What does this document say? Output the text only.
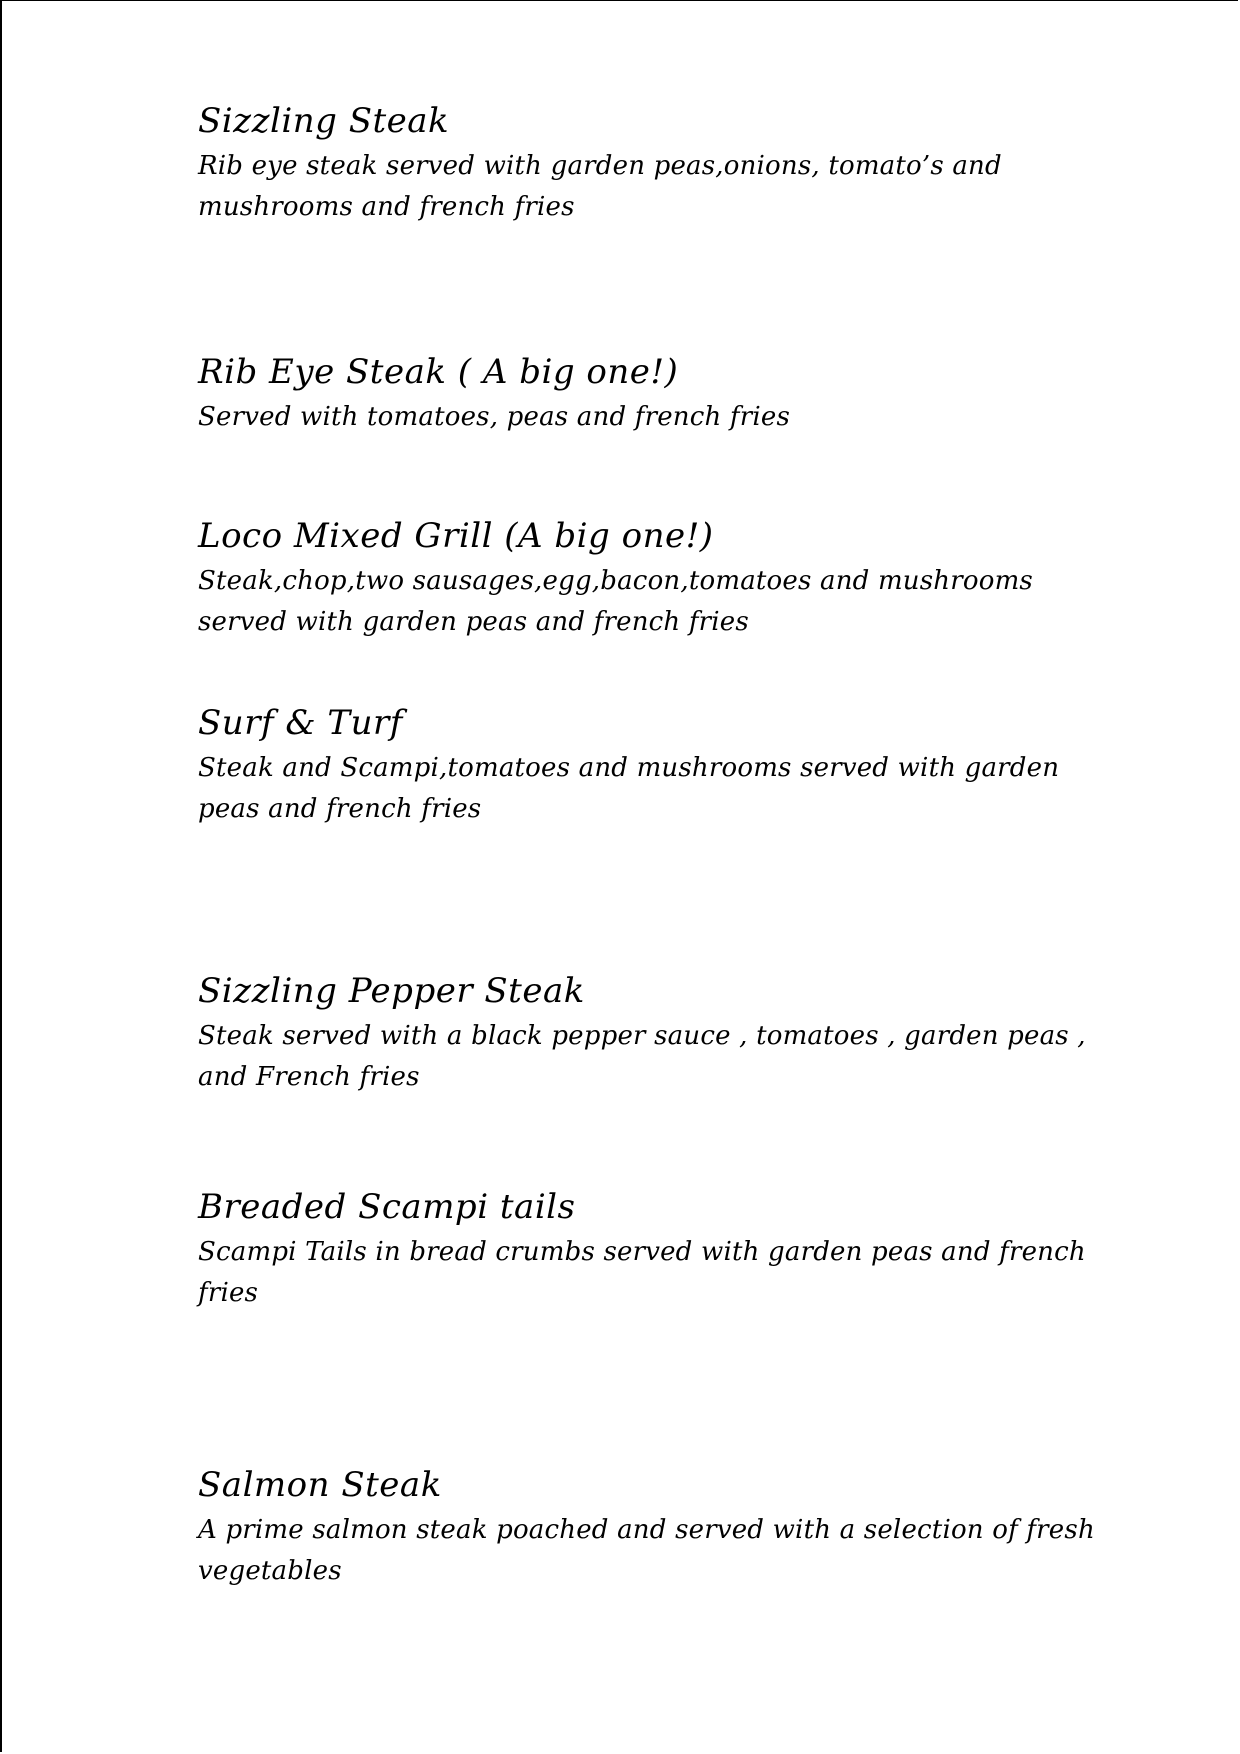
Sizzling Steak
Rib eye steak served with garden peas,onions, tomato’s and mushrooms and french fries
Rib Eye Steak ( A big one!)
Served with tomatoes, peas and french fries
Loco Mixed Grill (A big one!)
Steak,chop,two sausages,egg,bacon,tomatoes and mushrooms served with garden peas and french fries
Surf & Turf
Steak and Scampi,tomatoes and mushrooms served with garden peas and french fries
Sizzling Pepper Steak
Steak served with a black pepper sauce , tomatoes , garden peas , and French fries
Breaded Scampi tails
Scampi Tails in bread crumbs served with garden peas and french fries
Salmon Steak
A prime salmon steak poached and served with a selection of fresh vegetables
